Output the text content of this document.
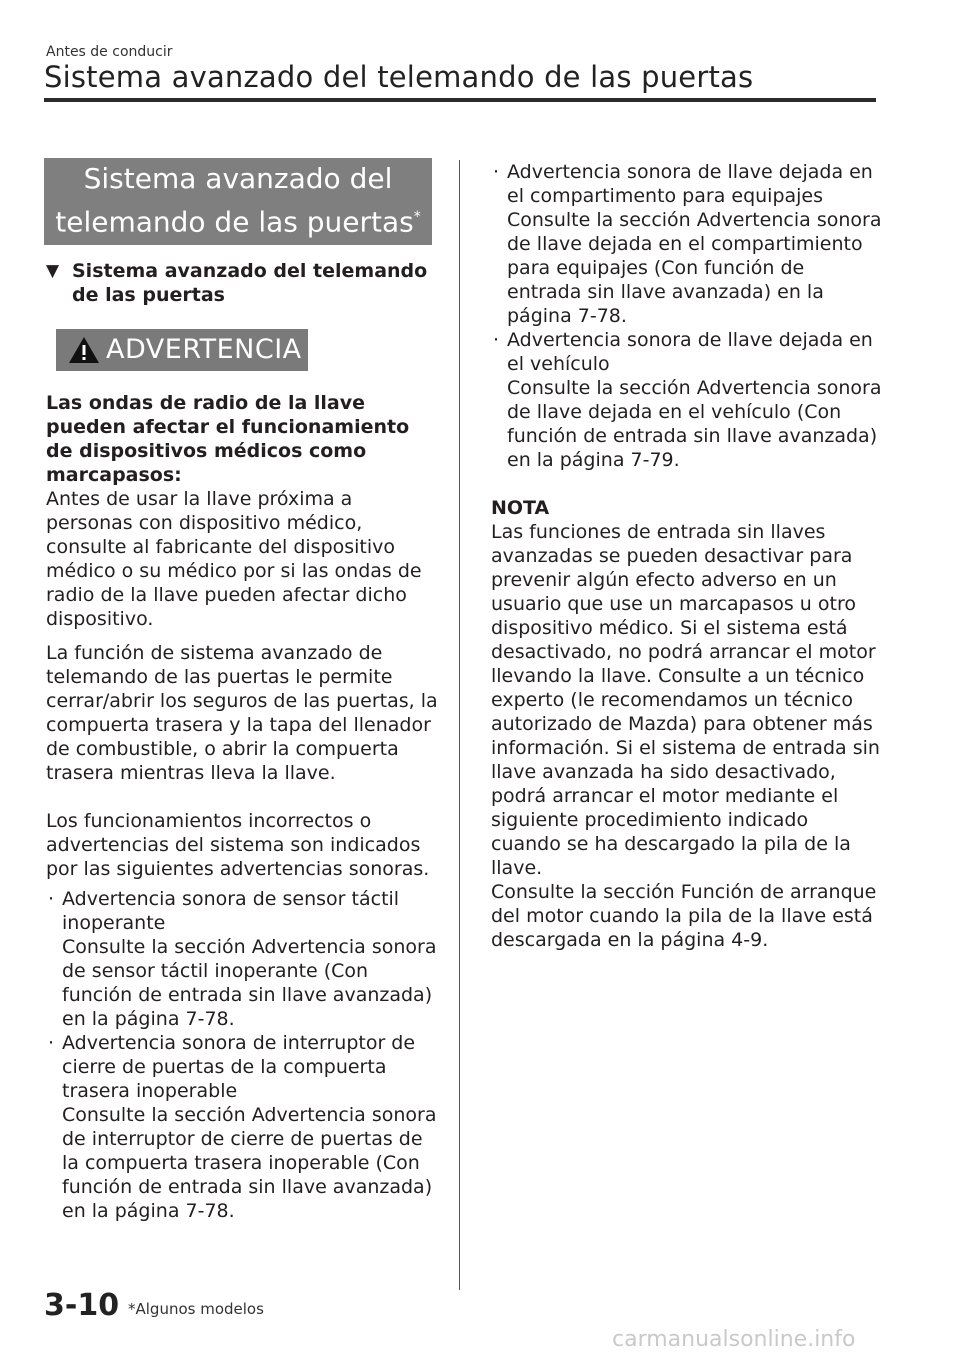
Antes de conducir
Sistema avanzado del telemando de las puertas
Sistema avanzado del
telemando de las puertas*
▼ Sistema avanzado del telemando de las puertas
ADVERTENCIA

Las ondas de radio de la llave pueden afectar el funcionamiento de dispositivos médicos como marcapasos:

Antes de usar la llave próxima a personas con dispositivo médico, consulte al fabricante del dispositivo médico o su médico por si las ondas de radio de la llave pueden afectar dicho dispositivo.

La función de sistema avanzado de telemando de las puertas le permite cerrar/abrir los seguros de las puertas, la compuerta trasera y la tapa del llenador de combustible, o abrir la compuerta trasera mientras lleva la llave.

Los funcionamientos incorrectos o advertencias del sistema son indicados por las siguientes advertencias sonoras.

· Advertencia sonora de sensor táctil inoperante
Consulte la sección Advertencia sonora de sensor táctil inoperante (Con función de entrada sin llave avanzada) en la página 7-78.
· Advertencia sonora de interruptor de cierre de puertas de la compuerta trasera inoperable
Consulte la sección Advertencia sonora de interruptor de cierre de puertas de la compuerta trasera inoperable (Con función de entrada sin llave avanzada) en la página 7-78.
· Advertencia sonora de llave dejada en el compartimento para equipajes
Consulte la sección Advertencia sonora de llave dejada en el compartimiento para equipajes (Con función de entrada sin llave avanzada) en la página 7-78.
· Advertencia sonora de llave dejada en el vehículo
Consulte la sección Advertencia sonora de llave dejada en el vehículo (Con función de entrada sin llave avanzada) en la página 7-79.

NOTA

Las funciones de entrada sin llaves avanzadas se pueden desactivar para prevenir algún efecto adverso en un usuario que use un marcapasos u otro dispositivo médico. Si el sistema está desactivado, no podrá arrancar el motor llevando la llave. Consulte a un técnico experto (le recomendamos un técnico autorizado de Mazda) para obtener más información. Si el sistema de entrada sin llave avanzada ha sido desactivado, podrá arrancar el motor mediante el siguiente procedimiento indicado cuando se ha descargado la pila de la llave.

Consulte la sección Función de arranque del motor cuando la pila de la llave está descargada en la página 4-9.

3-10 *Algunos modelos
carmanualsonline.info
